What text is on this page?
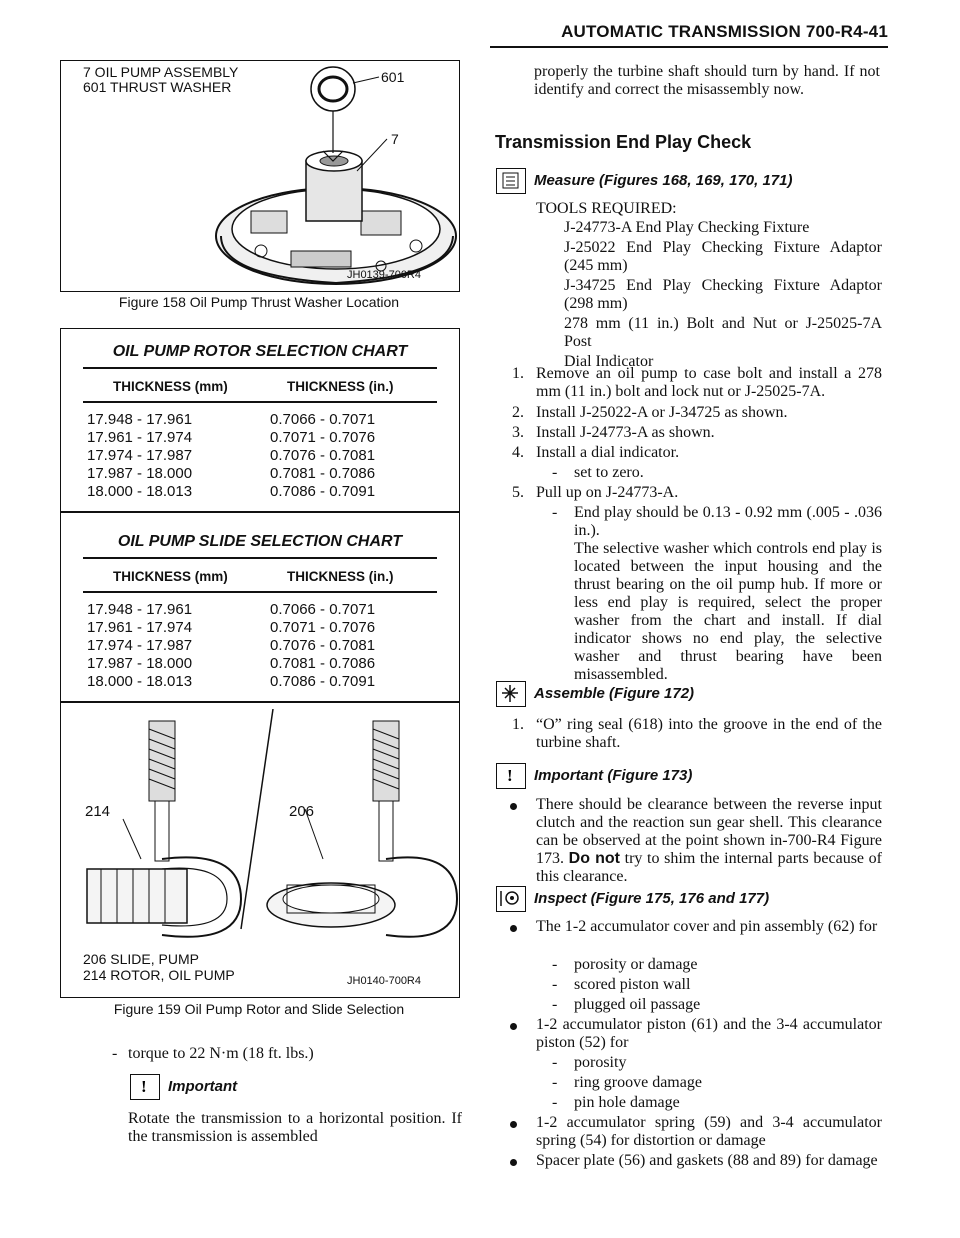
AUTOMATIC TRANSMISSION 700-R4-41
7 OIL PUMP ASSEMBLY
601 THRUST WASHER
601
7
JH0139-700R4
Figure 158 Oil Pump Thrust Washer Location
OIL PUMP ROTOR SELECTION CHART
THICKNESS (mm)	THICKNESS (in.)
17.948 - 17.961	0.7066 - 0.7071
17.961 - 17.974	0.7071 - 0.7076
17.974 - 17.987	0.7076 - 0.7081
17.987 - 18.000	0.7081 - 0.7086
18.000 - 18.013	0.7086 - 0.7091
OIL PUMP SLIDE SELECTION CHART
THICKNESS (mm)	THICKNESS (in.)
17.948 - 17.961	0.7066 - 0.7071
17.961 - 17.974	0.7071 - 0.7076
17.974 - 17.987	0.7076 - 0.7081
17.987 - 18.000	0.7081 - 0.7086
18.000 - 18.013	0.7086 - 0.7091
214	206
206 SLIDE, PUMP
214 ROTOR, OIL PUMP	JH0140-700R4
Figure 159 Oil Pump Rotor and Slide Selection
- torque to 22 N·m (18 ft. lbs.)
! Important
Rotate the transmission to a horizontal position. If the transmission is assembled
properly the turbine shaft should turn by hand. If not identify and correct the misassembly now.
Transmission End Play Check
Measure (Figures 168, 169, 170, 171)
TOOLS REQUIRED:
J-24773-A End Play Checking Fixture
J-25022 End Play Checking Fixture Adaptor (245 mm)
J-34725 End Play Checking Fixture Adaptor (298 mm)
278 mm (11 in.) Bolt and Nut or J-25025-7A Post
Dial Indicator
1. Remove an oil pump to case bolt and install a 278 mm (11 in.) bolt and lock nut or J-25025-7A.
2. Install J-25022-A or J-34725 as shown.
3. Install J-24773-A as shown.
4. Install a dial indicator.
- set to zero.
5. Pull up on J-24773-A.
- End play should be 0.13 - 0.92 mm (.005 - .036 in.).
The selective washer which controls end play is located between the input housing and the thrust bearing on the oil pump hub. If more or less end play is required, select the proper washer from the chart and install. If dial indicator shows no end play, the selective washer and thrust bearing have been misassembled.
Assemble (Figure 172)
1. “O” ring seal (618) into the groove in the end of the turbine shaft.
! Important (Figure 173)
There should be clearance between the reverse input clutch and the reaction sun gear shell. This clearance can be observed at the point shown in-700-R4 Figure 173. Do not try to shim the internal parts because of this clearance.
Inspect (Figure 175, 176 and 177)
The 1-2 accumulator cover and pin assembly (62) for
- porosity or damage
- scored piston wall
- plugged oil passage
1-2 accumulator piston (61) and the 3-4 accumulator piston (52) for
- porosity
- ring groove damage
- pin hole damage
1-2 accumulator spring (59) and 3-4 accumulator spring (54) for distortion or damage
Spacer plate (56) and gaskets (88 and 89) for damage
